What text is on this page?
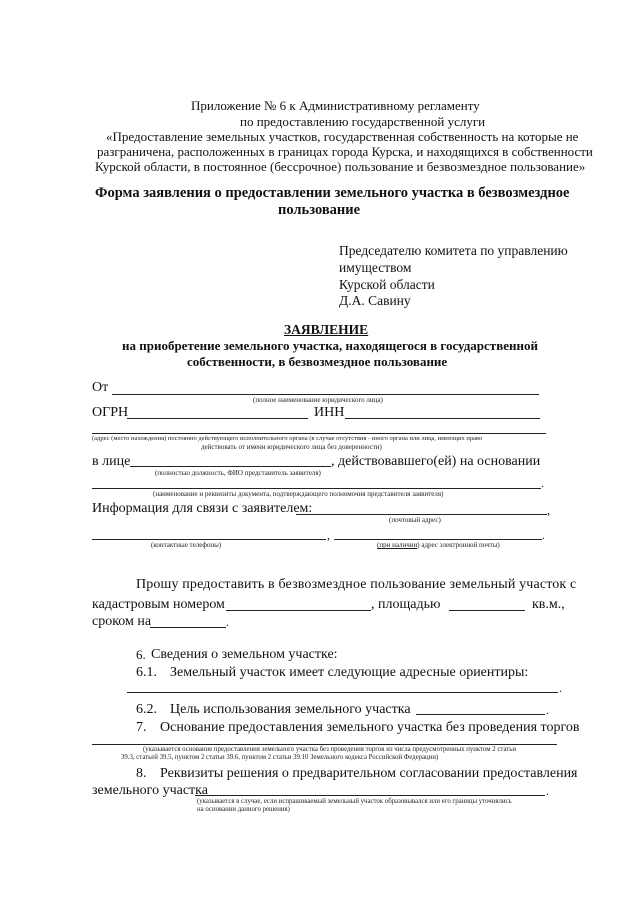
Приложение № 6 к Административному регламенту
по предоставлению государственной услуги
«Предоставление земельных участков, государственная собственность на которые не
разграничена, расположенных в границах города Курска, и находящихся в собственности
Курской области, в постоянное (бессрочное) пользование и безвозмездное пользование»
Форма заявления о предоставлении земельного участка в безвозмездное
пользование
Председателю комитета по управлению
имуществом
Курской области
Д.А. Савину
ЗАЯВЛЕНИЕ
на приобретение земельного участка, находящегося в государственной
собственности, в безвозмездное пользование
От
(полное наименование юридического лица)
ОГРН	ИНН
(адрес (место нахождения) постоянно действующего исполнительного органа (в случае отсутствия - иного органа или лица, имеющих право
действовать от имени юридического лица без доверенности)
в лице	, действовавшего(ей) на основании
(полностью должность, ФИО представитель заявителя)
.
(наименование и реквизиты документа, подтверждающего полномочия представителя заявителя)
Информация для связи с заявителем:	,
(почтовый адрес)
,	.
(контактные телефоны)	(при наличии) адрес электронной почты)
Прошу предоставить в безвозмездное пользование земельный участок с
кадастровым номером	, площадью	кв.м.,
сроком на	.
6. Сведения о земельном участке:
6.1. Земельный участок имеет следующие адресные ориентиры:
.
6.2. Цель использования земельного участка	.
7. Основание предоставления земельного участка без проведения торгов
(указывается основание предоставления земельного участка без проведения торгов из числа предусмотренных пунктом 2 статьи
39.3, статьей 39.5, пунктом 2 статьи 39.6, пунктом 2 статьи 39.10 Земельного кодекса Российской Федерации)
8. Реквизиты решения о предварительном согласовании предоставления
земельного участка	.
(указывается в случае, если испрашиваемый земельный участок образовывался или его границы уточнялись
на основании данного решения)
